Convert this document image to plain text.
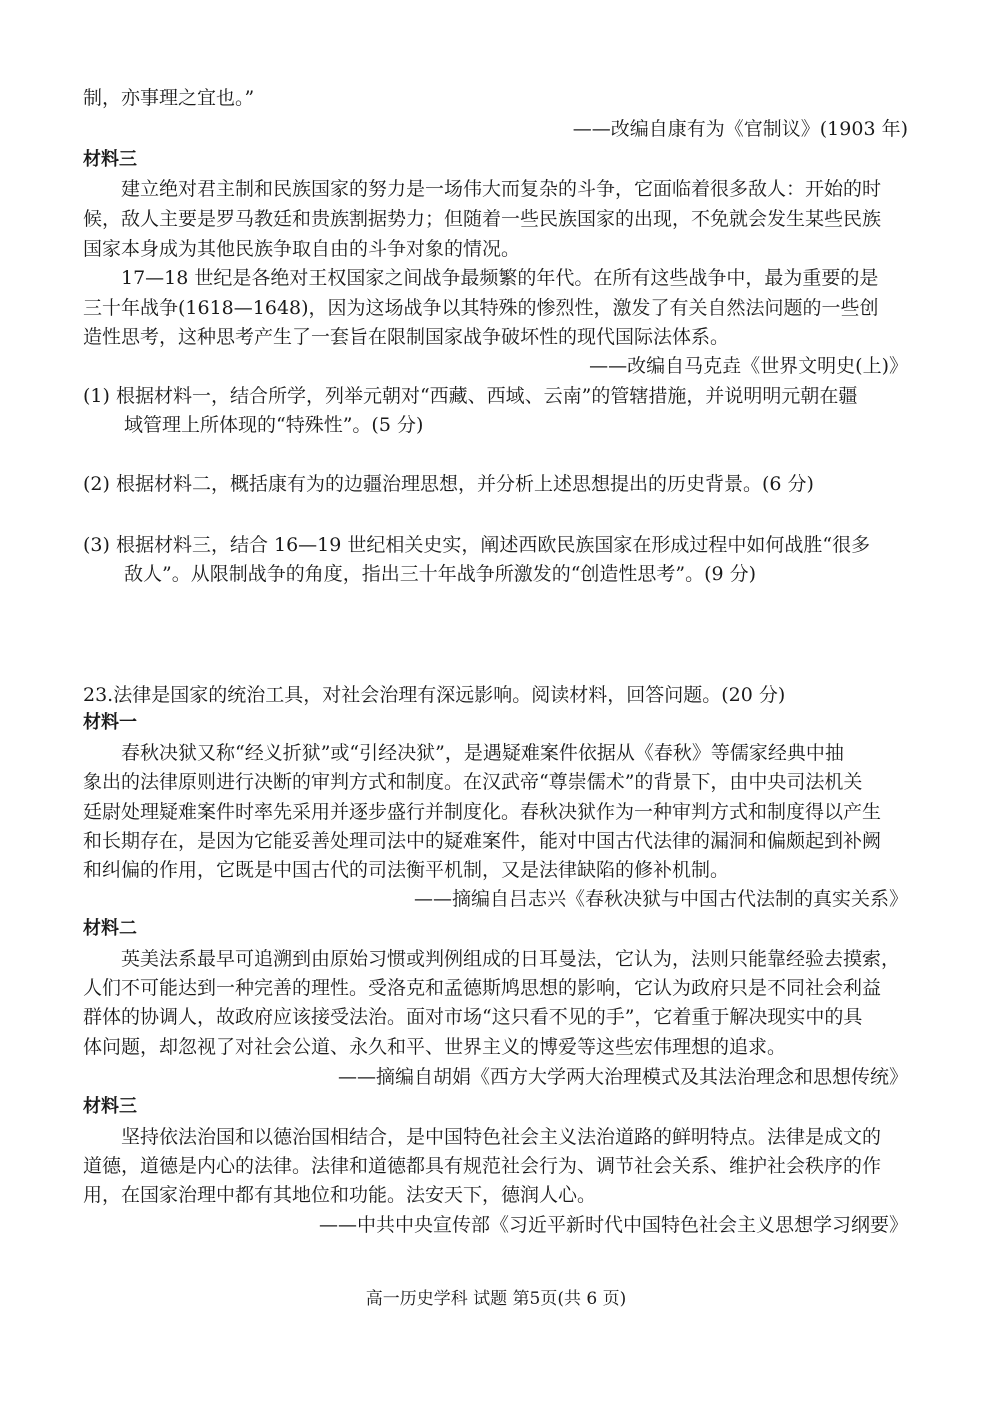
制，亦事理之宜也。”
——改编自康有为《官制议》(1903 年)
材料三
建立绝对君主制和民族国家的努力是一场伟大而复杂的斗争，它面临着很多敌人：开始的时
候，敌人主要是罗马教廷和贵族割据势力；但随着一些民族国家的出现，不免就会发生某些民族
国家本身成为其他民族争取自由的斗争对象的情况。
17—18 世纪是各绝对王权国家之间战争最频繁的年代。在所有这些战争中，最为重要的是
三十年战争(1618—1648)，因为这场战争以其特殊的惨烈性，激发了有关自然法问题的一些创
造性思考，这种思考产生了一套旨在限制国家战争破坏性的现代国际法体系。
——改编自马克垚《世界文明史(上)》
(1) 根据材料一，结合所学，列举元朝对“西藏、西域、云南”的管辖措施，并说明明元朝在疆
域管理上所体现的“特殊性”。(5 分)
(2) 根据材料二，概括康有为的边疆治理思想，并分析上述思想提出的历史背景。(6 分)
(3) 根据材料三，结合 16—19 世纪相关史实，阐述西欧民族国家在形成过程中如何战胜“很多
敌人”。从限制战争的角度，指出三十年战争所激发的“创造性思考”。(9 分)
23.法律是国家的统治工具，对社会治理有深远影响。阅读材料，回答问题。(20 分)
材料一
春秋决狱又称“经义折狱”或“引经决狱”，是遇疑难案件依据从《春秋》等儒家经典中抽
象出的法律原则进行决断的审判方式和制度。在汉武帝“尊崇儒术”的背景下，由中央司法机关
廷尉处理疑难案件时率先采用并逐步盛行并制度化。春秋决狱作为一种审判方式和制度得以产生
和长期存在，是因为它能妥善处理司法中的疑难案件，能对中国古代法律的漏洞和偏颇起到补阙
和纠偏的作用，它既是中国古代的司法衡平机制，又是法律缺陷的修补机制。
——摘编自吕志兴《春秋决狱与中国古代法制的真实关系》
材料二
英美法系最早可追溯到由原始习惯或判例组成的日耳曼法，它认为，法则只能靠经验去摸索，
人们不可能达到一种完善的理性。受洛克和孟德斯鸠思想的影响，它认为政府只是不同社会利益
群体的协调人，故政府应该接受法治。面对市场“这只看不见的手”，它着重于解决现实中的具
体问题，却忽视了对社会公道、永久和平、世界主义的博爱等这些宏伟理想的追求。
——摘编自胡娟《西方大学两大治理模式及其法治理念和思想传统》
材料三
坚持依法治国和以德治国相结合，是中国特色社会主义法治道路的鲜明特点。法律是成文的
道德，道德是内心的法律。法律和道德都具有规范社会行为、调节社会关系、维护社会秩序的作
用，在国家治理中都有其地位和功能。法安天下，德润人心。
——中共中央宣传部《习近平新时代中国特色社会主义思想学习纲要》
高一历史学科 试题 第5页(共 6 页)
